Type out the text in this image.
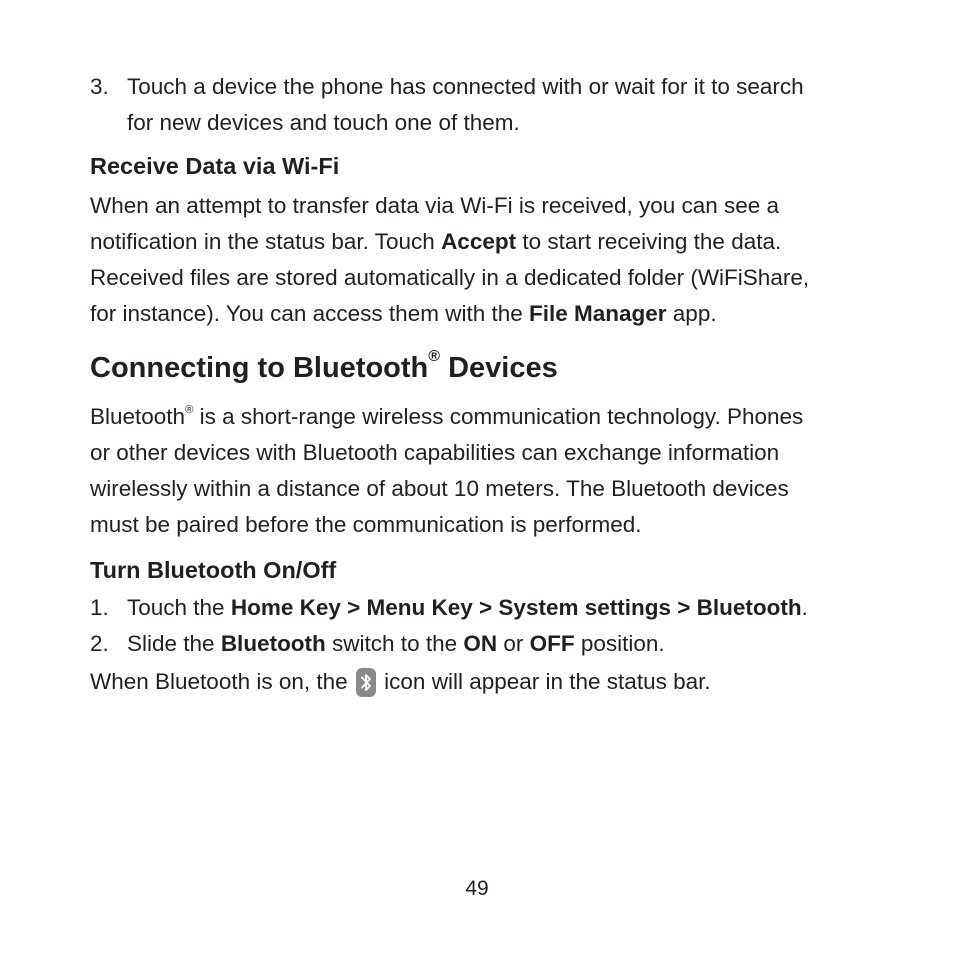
3. Touch a device the phone has connected with or wait for it to search
for new devices and touch one of them.
Receive Data via Wi-Fi
When an attempt to transfer data via Wi-Fi is received, you can see a
notification in the status bar. Touch Accept to start receiving the data.
Received files are stored automatically in a dedicated folder (WiFiShare,
for instance). You can access them with the File Manager app.
Connecting to Bluetooth® Devices
Bluetooth® is a short-range wireless communication technology. Phones
or other devices with Bluetooth capabilities can exchange information
wirelessly within a distance of about 10 meters. The Bluetooth devices
must be paired before the communication is performed.
Turn Bluetooth On/Off
1. Touch the Home Key > Menu Key > System settings > Bluetooth.
2. Slide the Bluetooth switch to the ON or OFF position.
When Bluetooth is on, the  icon will appear in the status bar.
49
